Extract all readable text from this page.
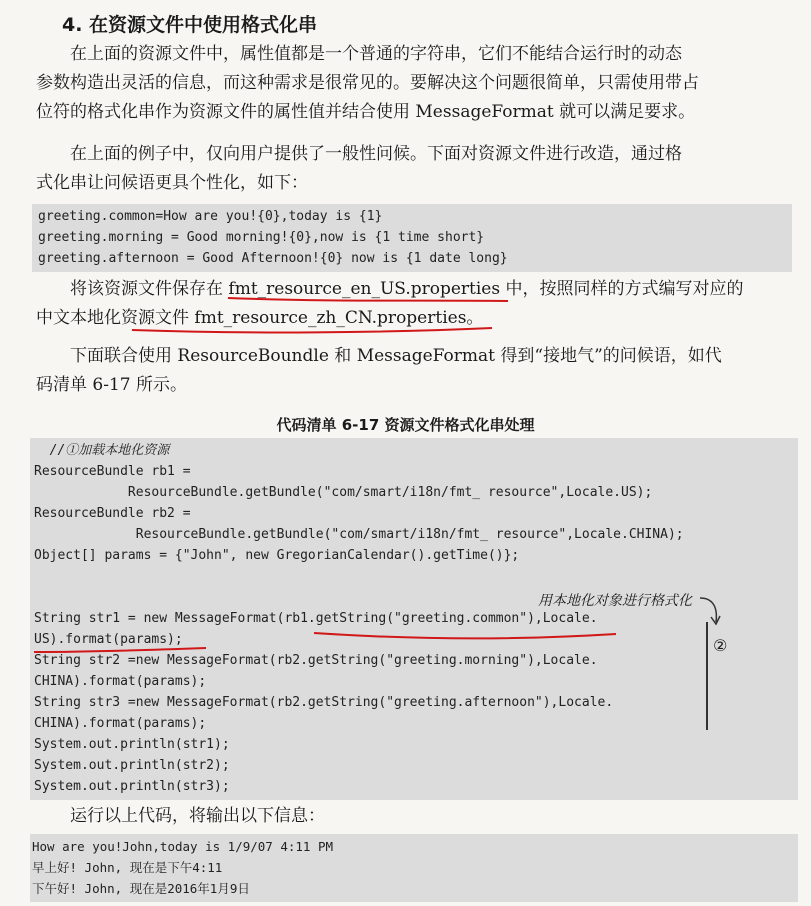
4. 在资源文件中使用格式化串
在上面的资源文件中，属性值都是一个普通的字符串，它们不能结合运行时的动态
参数构造出灵活的信息，而这种需求是很常见的。要解决这个问题很简单，只需使用带占
位符的格式化串作为资源文件的属性值并结合使用 MessageFormat 就可以满足要求。
在上面的例子中，仅向用户提供了一般性问候。下面对资源文件进行改造，通过格
式化串让问候语更具个性化，如下：
greeting.common=How are you!{0},today is {1}
greeting.morning = Good morning!{0},now is {1 time short}
greeting.afternoon = Good Afternoon!{0} now is {1 date long}
将该资源文件保存在 fmt_resource_en_US.properties 中，按照同样的方式编写对应的
中文本地化资源文件 fmt_resource_zh_CN.properties。
下面联合使用 ResourceBoundle 和 MessageFormat 得到“接地气”的问候语，如代
码清单 6-17 所示。
代码清单 6-17 资源文件格式化串处理
//①加载本地化资源
ResourceBundle rb1 =
ResourceBundle.getBundle("com/smart/i18n/fmt_ resource",Locale.US);
ResourceBundle rb2 =
ResourceBundle.getBundle("com/smart/i18n/fmt_ resource",Locale.CHINA);
Object[] params = {"John", new GregorianCalendar().getTime()};
String str1 = new MessageFormat(rb1.getString("greeting.common"),Locale.
US).format(params);
String str2 =new MessageFormat(rb2.getString("greeting.morning"),Locale.
CHINA).format(params);
String str3 =new MessageFormat(rb2.getString("greeting.afternoon"),Locale.
CHINA).format(params);
System.out.println(str1);
System.out.println(str2);
System.out.println(str3);
用本地化对象进行格式化
②
运行以上代码，将输出以下信息：
How are you!John,today is 1/9/07 4:11 PM
早上好! John, 现在是下午4:11
下午好! John, 现在是2016年1月9日
